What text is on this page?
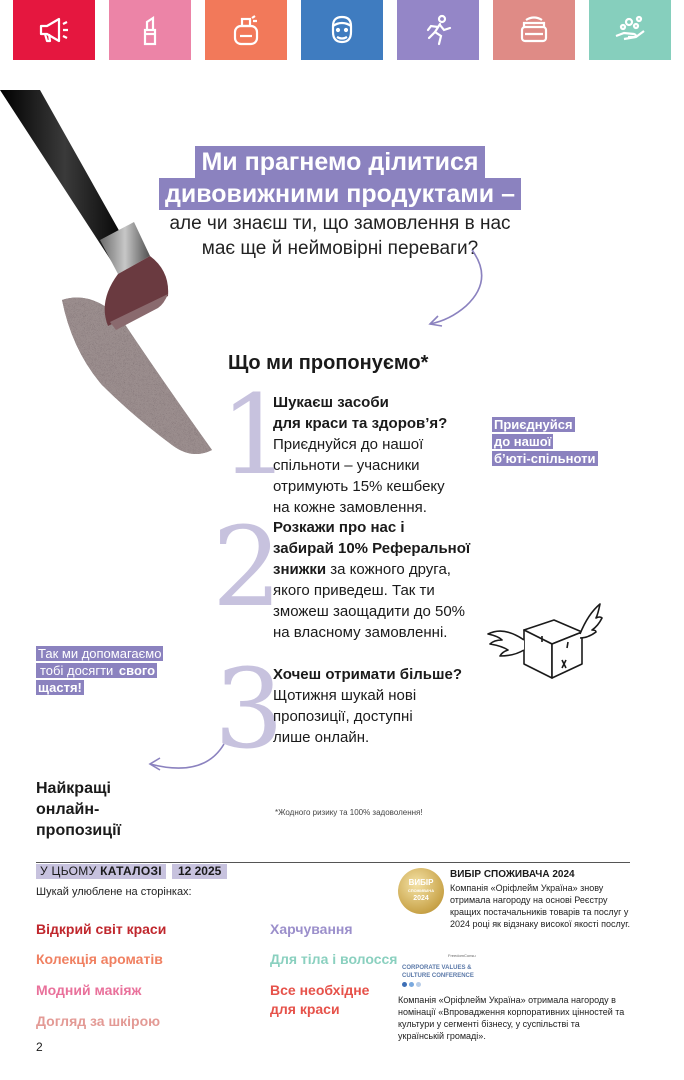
Ми прагнемо ділитися
дивовижними продуктами –
але чи знаєш ти, що замовлення в нас
має ще й неймовірні переваги?
Що ми пропонуємо*
1
Шукаєш засоби
для краси та здоров’я?
Приєднуйся до нашої
спільноти – учасники
отримують 15% кешбеку
на кожне замовлення.
2
Розкажи про нас і
забирай 10% Реферальної
знижки за кожного друга,
якого приведеш. Так ти
зможеш заощадити до 50%
на власному замовленні.
3
Хочеш отримати більше?
Щотижня шукай нові
пропозиції, доступні
лише онлайн.
Приєднуйся
до нашої
б’юті-спільноти
Так ми допомагаємо
тобі досягти свого
щастя!
Найкращі
онлайн-
пропозиції
*Жодного ризику та 100% задоволення!
У ЦЬОМУ КАТАЛОЗІ	12 2025
Шукай улюблене на сторінках:
Відкрий світ краси
Колекція ароматів
Модний макіяж
Догляд за шкірою
Харчування
Для тіла і волосся
Все необхідне
для краси
ВИБІР
СПОЖИВАЧА
2024
ВИБІР СПОЖИВАЧА 2024
Компанія «Оріфлейм Україна» знову отримала нагороду на основі Реєстру кращих постачальників товарів та послуг у 2024 році як відзнаку високої якості послуг.
FreedomConsu
CORPORATE VALUES &
CULTURE CONFERENCE
Компанія «Оріфлейм Україна» отримала нагороду в номінації «Впровадження корпоративних цінностей та культури у сегменті бізнесу, у суспільстві та українській громаді».
2
